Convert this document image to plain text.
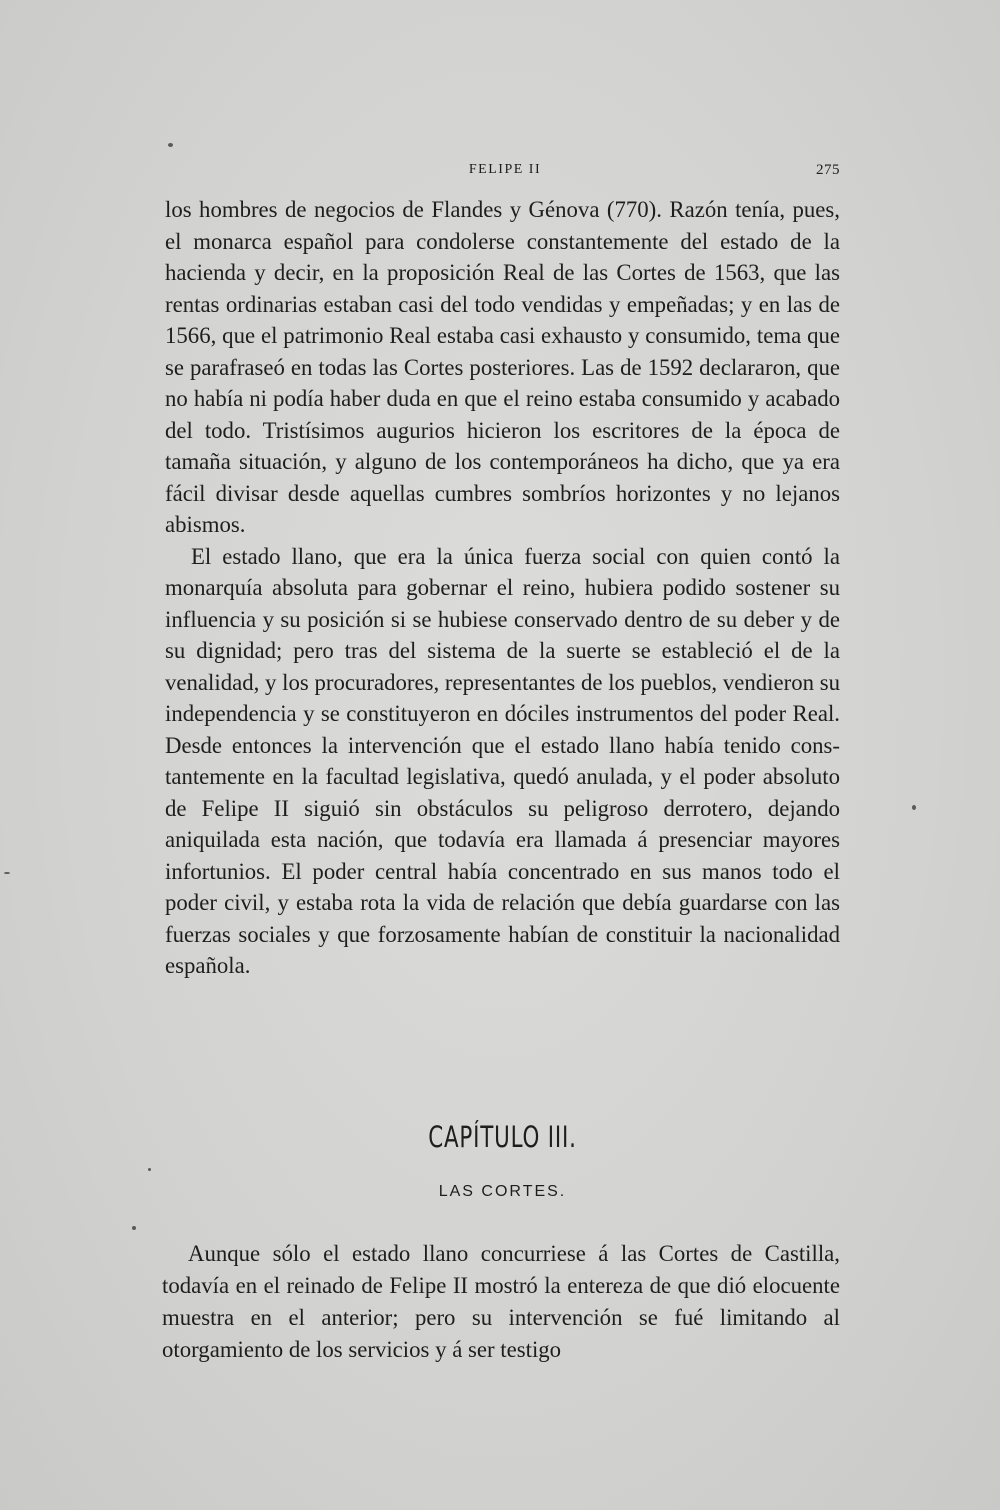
FELIPE II	275

los hombres de negocios de Flandes y Génova (770). Razón tenía, pues, el monarca español para condolerse constantemente del estado de la hacienda y decir, en la proposición Real de las Cortes de 1563, que las rentas ordinarias estaban casi del todo vendidas y empeñadas; y en las de 1566, que el patrimonio Real estaba casi exhausto y consumido, tema que se parafraseó en todas las Cortes posteriores. Las de 1592 declararon, que no había ni podía haber duda en que el reino estaba consumido y acabado del todo. Tristísimos augurios hicieron los escritores de la época de tamaña situación, y alguno de los contemporáneos ha dicho, que ya era fácil divisar desde aquellas cumbres sombríos horizontes y no lejanos abismos.

El estado llano, que era la única fuerza social con quien contó la monarquía absoluta para gobernar el reino, hubiera podido sostener su influencia y su posición si se hubiese conservado dentro de su deber y de su dignidad; pero tras del sistema de la suerte se estableció el de la venalidad, y los procuradores, representantes de los pueblos, vendieron su independencia y se constituyeron en dóciles instrumentos del poder Real. Desde entonces la intervención que el estado llano había tenido constantemente en la facultad legislativa, quedó anulada, y el poder absoluto de Felipe II siguió sin obstáculos su peligroso derrotero, dejando aniquilada esta nación, que todavía era llamada á presenciar mayores infortunios. El poder central había concentrado en sus manos todo el poder civil, y estaba rota la vida de relación que debía guardarse con las fuerzas sociales y que forzosamente habían de constituir la nacionalidad española.

CAPÍTULO III.
LAS CORTES.

Aunque sólo el estado llano concurriese á las Cortes de Castilla, todavía en el reinado de Felipe II mostró la entereza de que dió elocuente muestra en el anterior; pero su intervención se fué limitando al otorgamiento de los servicios y á ser testigo
